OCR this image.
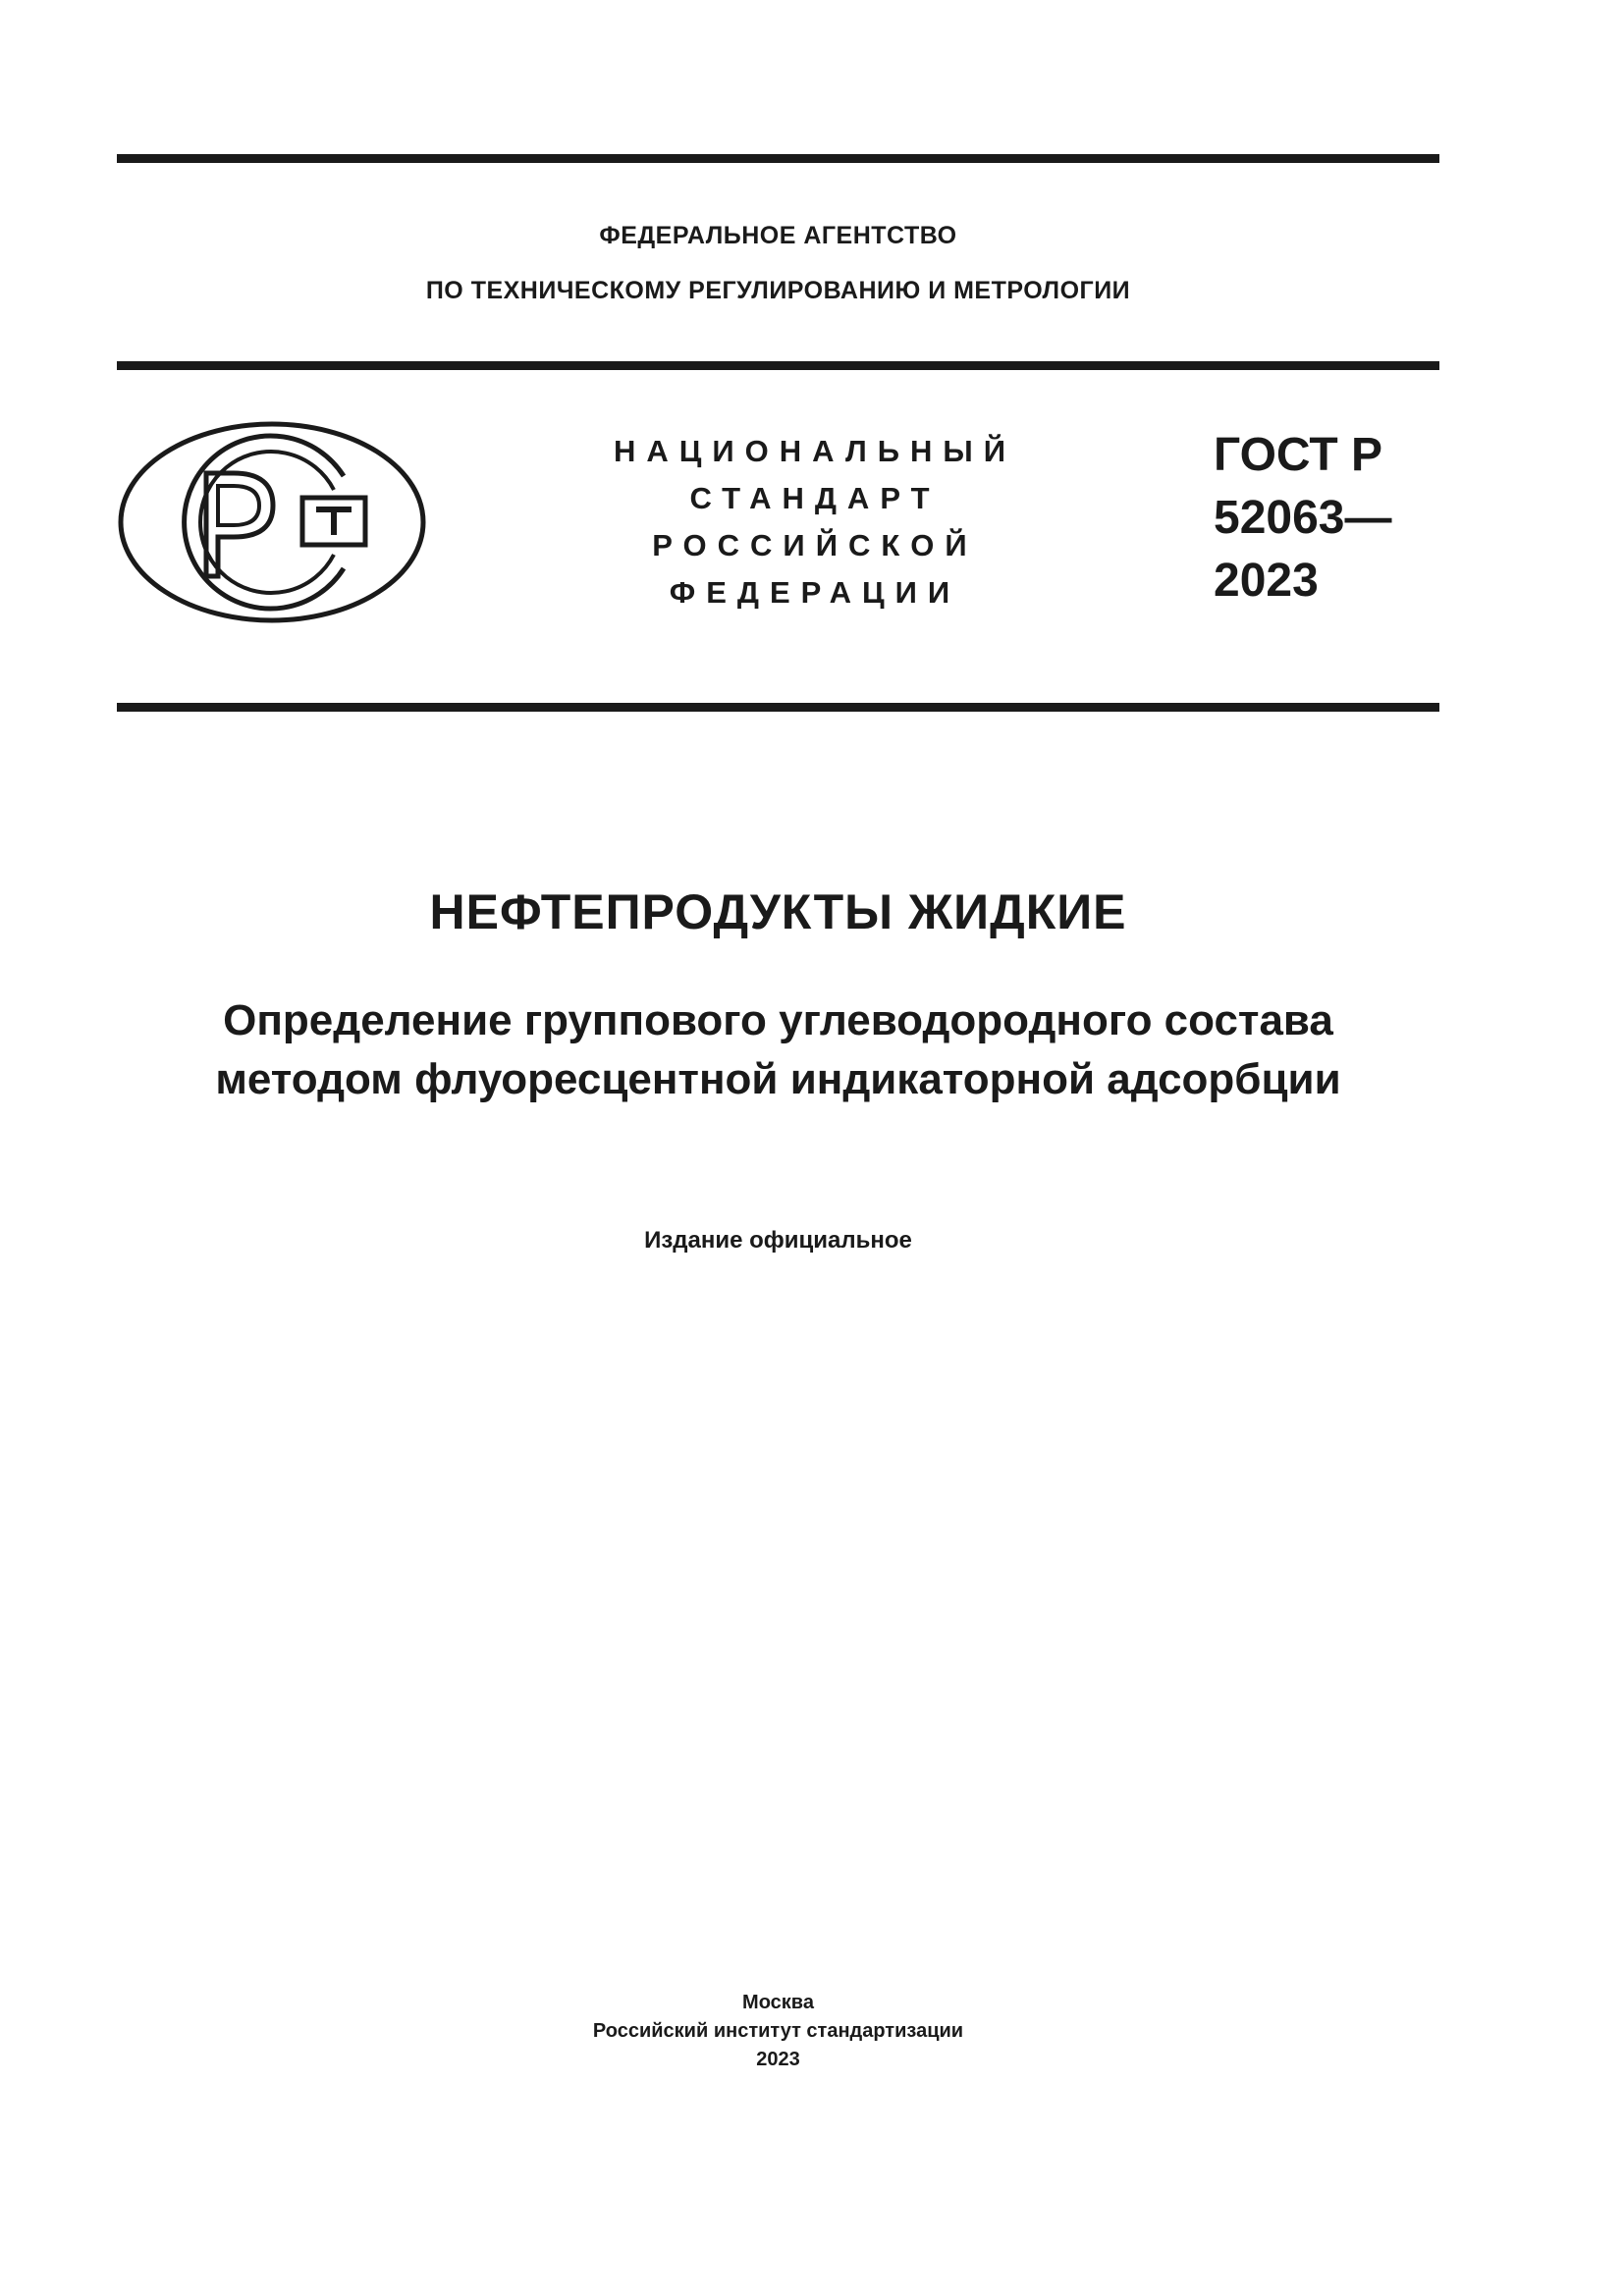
ФЕДЕРАЛЬНОЕ АГЕНТСТВО
ПО ТЕХНИЧЕСКОМУ РЕГУЛИРОВАНИЮ И МЕТРОЛОГИИ
НАЦИОНАЛЬНЫЙ
СТАНДАРТ
РОССИЙСКОЙ
ФЕДЕРАЦИИ
ГОСТ Р
52063—
2023
НЕФТЕПРОДУКТЫ ЖИДКИЕ
Определение группового углеводородного состава
методом флуоресцентной индикаторной адсорбции
Издание официальное
Москва
Российский институт стандартизации
2023
